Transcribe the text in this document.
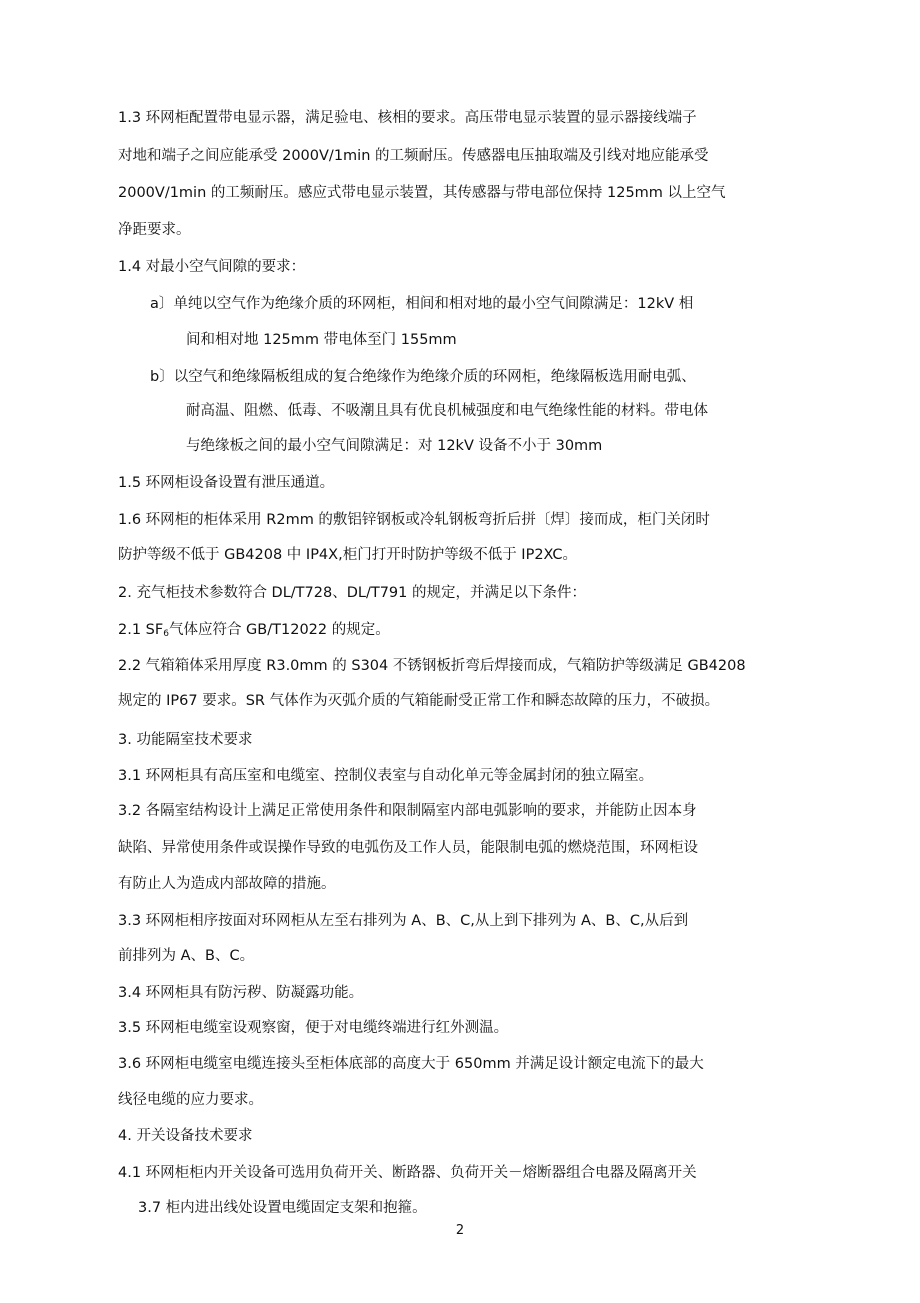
1.3 环网柜配置带电显示器，满足验电、核相的要求。高压带电显示装置的显示器接线端子
对地和端子之间应能承受 2000V/1min 的工频耐压。传感器电压抽取端及引线对地应能承受
2000V/1min 的工频耐压。感应式带电显示装置，其传感器与带电部位保持 125mm 以上空气
净距要求。
1.4 对最小空气间隙的要求：
a〕单纯以空气作为绝缘介质的环网柜，相间和相对地的最小空气间隙满足：12kV 相
间和相对地 125mm 带电体至门 155mm
b〕以空气和绝缘隔板组成的复合绝缘作为绝缘介质的环网柜，绝缘隔板选用耐电弧、
耐高温、阻燃、低毒、不吸潮且具有优良机械强度和电气绝缘性能的材料。带电体
与绝缘板之间的最小空气间隙满足：对 12kV 设备不小于 30mm
1.5 环网柜设备设置有泄压通道。
1.6 环网柜的柜体采用 R2mm 的敷铝锌钢板或冷轧钢板弯折后拼〔焊〕接而成，柜门关闭时
防护等级不低于 GB4208 中 IP4X,柜门打开时防护等级不低于 IP2XC。
2. 充气柜技术参数符合 DL/T728、DL/T791 的规定，并满足以下条件：
2.1 $SF_6$气体应符合 GB/T12022 的规定。
2.2 气箱箱体采用厚度 R3.0mm 的 S304 不锈钢板折弯后焊接而成，气箱防护等级满足 GB4208
规定的 IP67 要求。SR 气体作为灭弧介质的气箱能耐受正常工作和瞬态故障的压力，不破损。
3. 功能隔室技术要求
3.1 环网柜具有高压室和电缆室、控制仪表室与自动化单元等金属封闭的独立隔室。
3.2 各隔室结构设计上满足正常使用条件和限制隔室内部电弧影响的要求，并能防止因本身
缺陷、异常使用条件或误操作导致的电弧伤及工作人员，能限制电弧的燃烧范围，环网柜设
有防止人为造成内部故障的措施。
3.3 环网柜相序按面对环网柜从左至右排列为 A、B、C,从上到下排列为 A、B、C,从后到
前排列为 A、B、C。
3.4 环网柜具有防污秽、防凝露功能。
3.5 环网柜电缆室设观察窗，便于对电缆终端进行红外测温。
3.6 环网柜电缆室电缆连接头至柜体底部的高度大于 650mm 并满足设计额定电流下的最大
线径电缆的应力要求。
4. 开关设备技术要求
4.1 环网柜柜内开关设备可选用负荷开关、断路器、负荷开关－熔断器组合电器及隔离开关
3.7 柜内进出线处设置电缆固定支架和抱箍。
2
